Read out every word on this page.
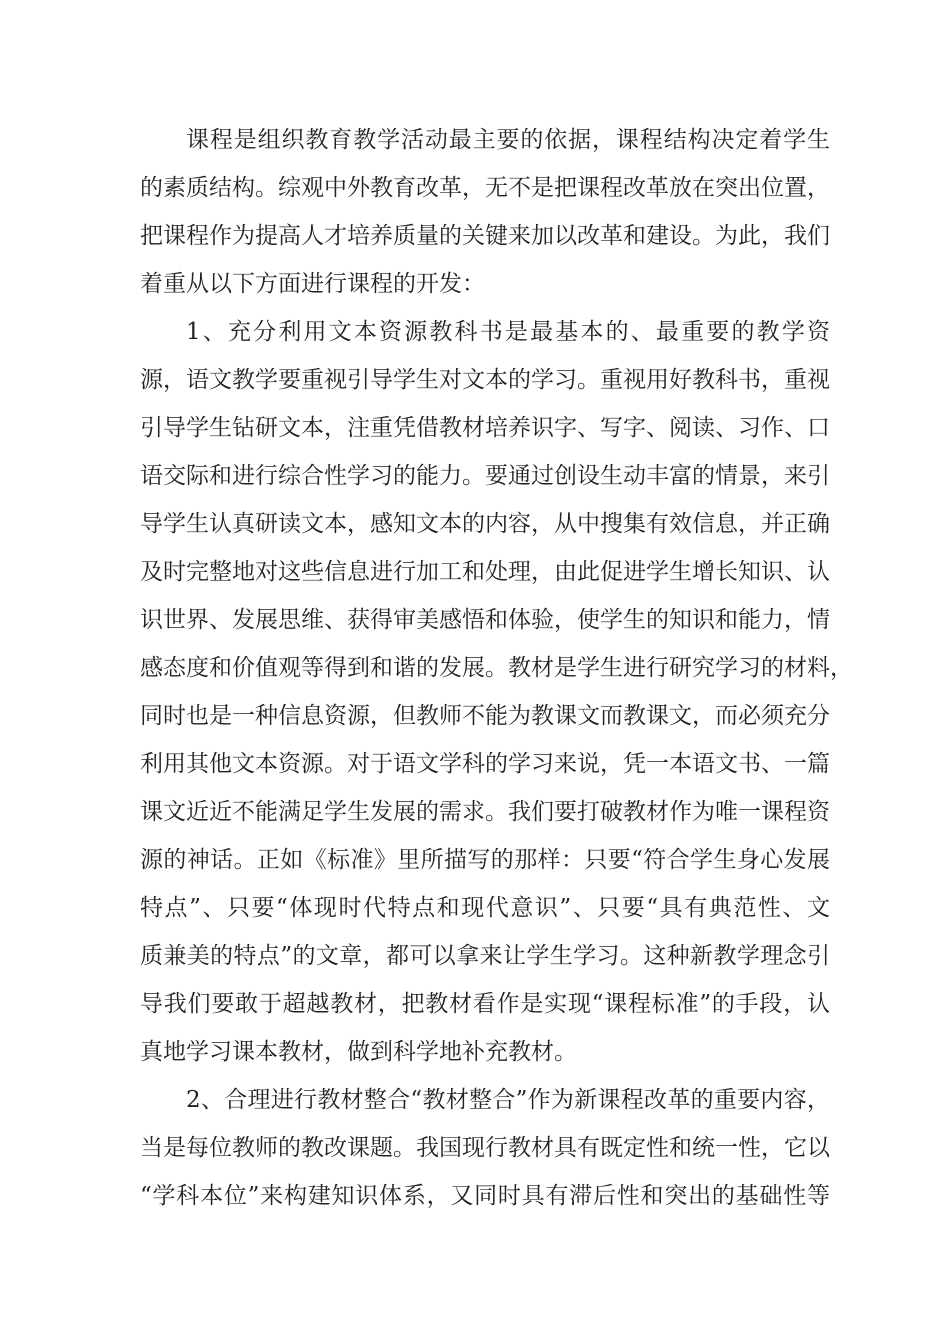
课程是组织教育教学活动最主要的依据，课程结构决定着学生
的素质结构。综观中外教育改革，无不是把课程改革放在突出位置，
把课程作为提高人才培养质量的关键来加以改革和建设。为此，我们
着重从以下方面进行课程的开发：
1、充分利用文本资源教科书是最基本的、最重要的教学资
源，语文教学要重视引导学生对文本的学习。重视用好教科书，重视
引导学生钻研文本，注重凭借教材培养识字、写字、阅读、习作、口
语交际和进行综合性学习的能力。要通过创设生动丰富的情景，来引
导学生认真研读文本，感知文本的内容，从中搜集有效信息，并正确
及时完整地对这些信息进行加工和处理，由此促进学生增长知识、认
识世界、发展思维、获得审美感悟和体验，使学生的知识和能力，情
感态度和价值观等得到和谐的发展。教材是学生进行研究学习的材料，
同时也是一种信息资源，但教师不能为教课文而教课文，而必须充分
利用其他文本资源。对于语文学科的学习来说，凭一本语文书、一篇
课文近近不能满足学生发展的需求。我们要打破教材作为唯一课程资
源的神话。正如《标准》里所描写的那样：只要“符合学生身心发展
特点”、只要“体现时代特点和现代意识”、只要“具有典范性、文
质兼美的特点”的文章，都可以拿来让学生学习。这种新教学理念引
导我们要敢于超越教材，把教材看作是实现“课程标准”的手段，认
真地学习课本教材，做到科学地补充教材。
2、合理进行教材整合“教材整合”作为新课程改革的重要内容，
当是每位教师的教改课题。我国现行教材具有既定性和统一性，它以
“学科本位”来构建知识体系，又同时具有滞后性和突出的基础性等
